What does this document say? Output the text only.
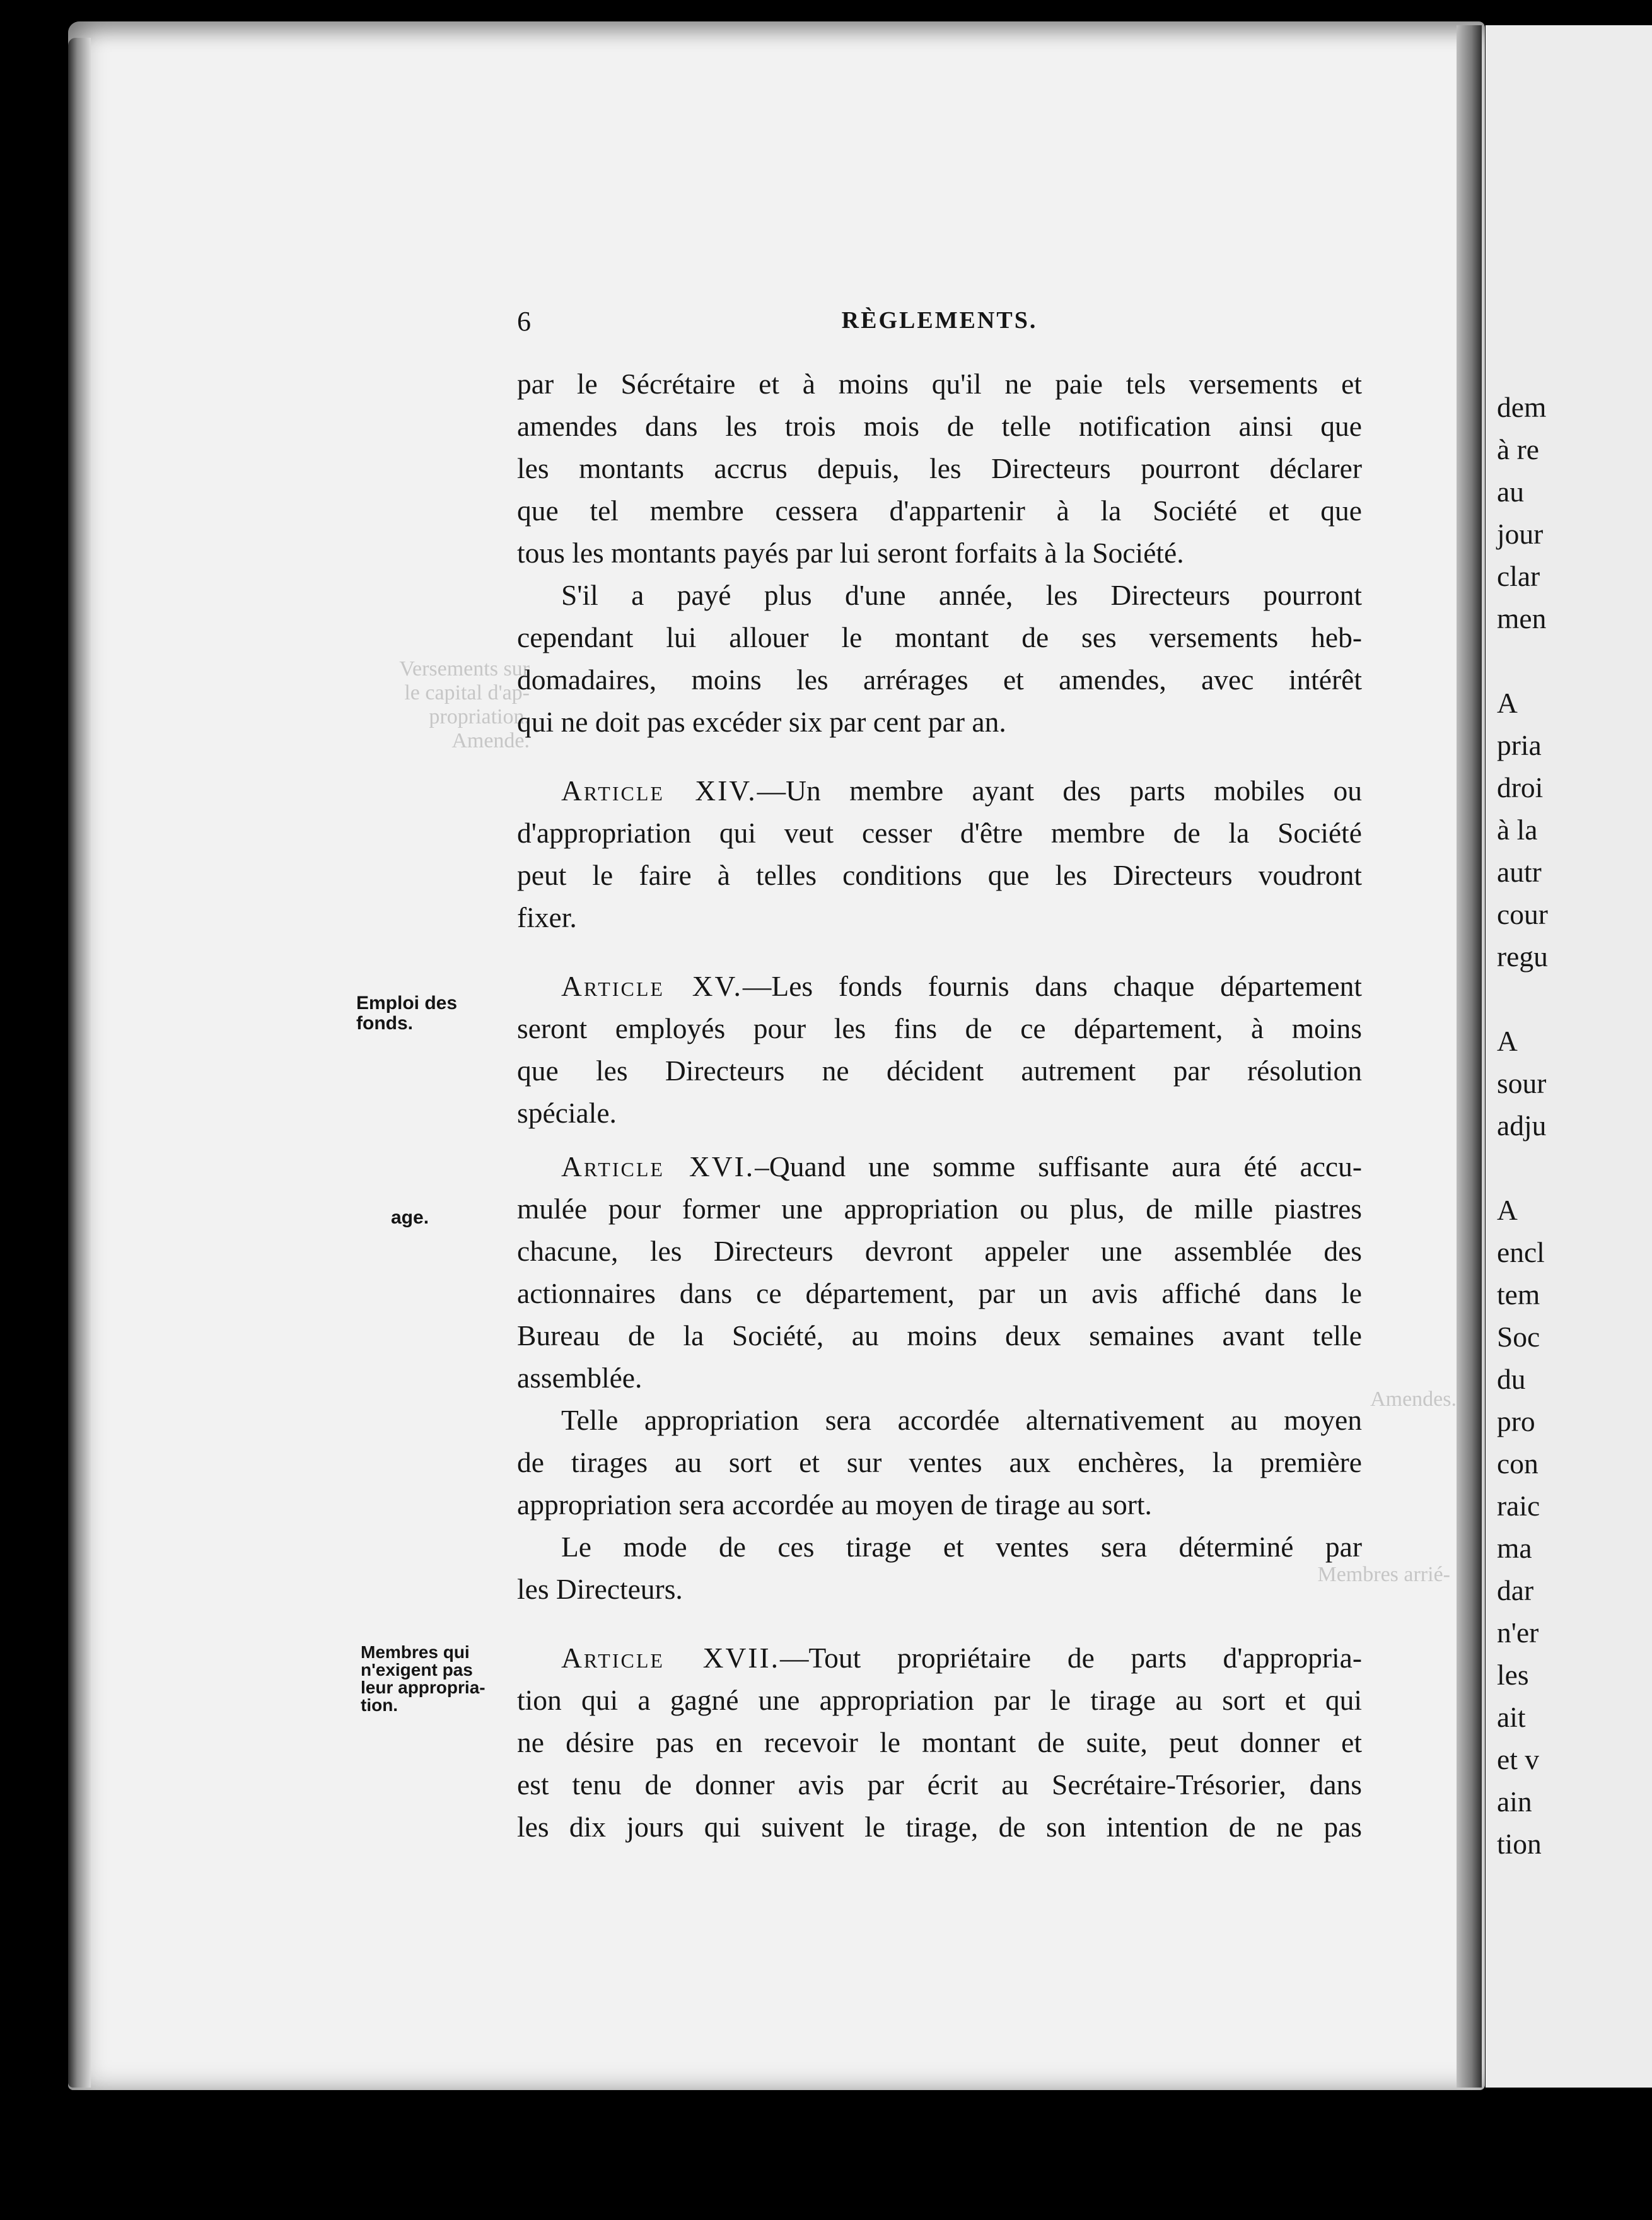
dem
à re
au
jour
clar
men
A
pria
droi
à la
autr
cour
regu
A
sour
adju
A
encl
tem
Soc
du
pro
con
raic
ma
dar
n'er
les
ait
et v
ain
tion
6	RÈGLEMENTS.
Versements sur
le capital d'ap-
propriation.
Amende.
Amendes.
Membres arrié-
Emploi des
fonds.
age.
Membres qui
n'exigent pas
leur appropria-
tion.
par le Sécrétaire et à moins qu'il ne paie tels versements et
amendes dans les trois mois de telle notification ainsi que
les montants accrus depuis, les Directeurs pourront déclarer
que tel membre cessera d'appartenir à la Société et que
tous les montants payés par lui seront forfaits à la Société.
S'il a payé plus d'une année, les Directeurs pourront
cependant lui allouer le montant de ses versements heb-
domadaires, moins les arrérages et amendes, avec intérêt
qui ne doit pas excéder six par cent par an.
Article XIV.—Un membre ayant des parts mobiles ou
d'appropriation qui veut cesser d'être membre de la Société
peut le faire à telles conditions que les Directeurs voudront
fixer.
Article XV.—Les fonds fournis dans chaque département
seront employés pour les fins de ce département, à moins
que les Directeurs ne décident autrement par résolution
spéciale.
Article XVI.–Quand une somme suffisante aura été accu-
mulée pour former une appropriation ou plus, de mille piastres
chacune, les Directeurs devront appeler une assemblée des
actionnaires dans ce département, par un avis affiché dans le
Bureau de la Société, au moins deux semaines avant telle
assemblée.
Telle appropriation sera accordée alternativement au moyen
de tirages au sort et sur ventes aux enchères, la première
appropriation sera accordée au moyen de tirage au sort.
Le mode de ces tirage et ventes sera déterminé par
les Directeurs.
Article XVII.—Tout propriétaire de parts d'appropria-
tion qui a gagné une appropriation par le tirage au sort et qui
ne désire pas en recevoir le montant de suite, peut donner et
est tenu de donner avis par écrit au Secrétaire-Trésorier, dans
les dix jours qui suivent le tirage, de son intention de ne pas
